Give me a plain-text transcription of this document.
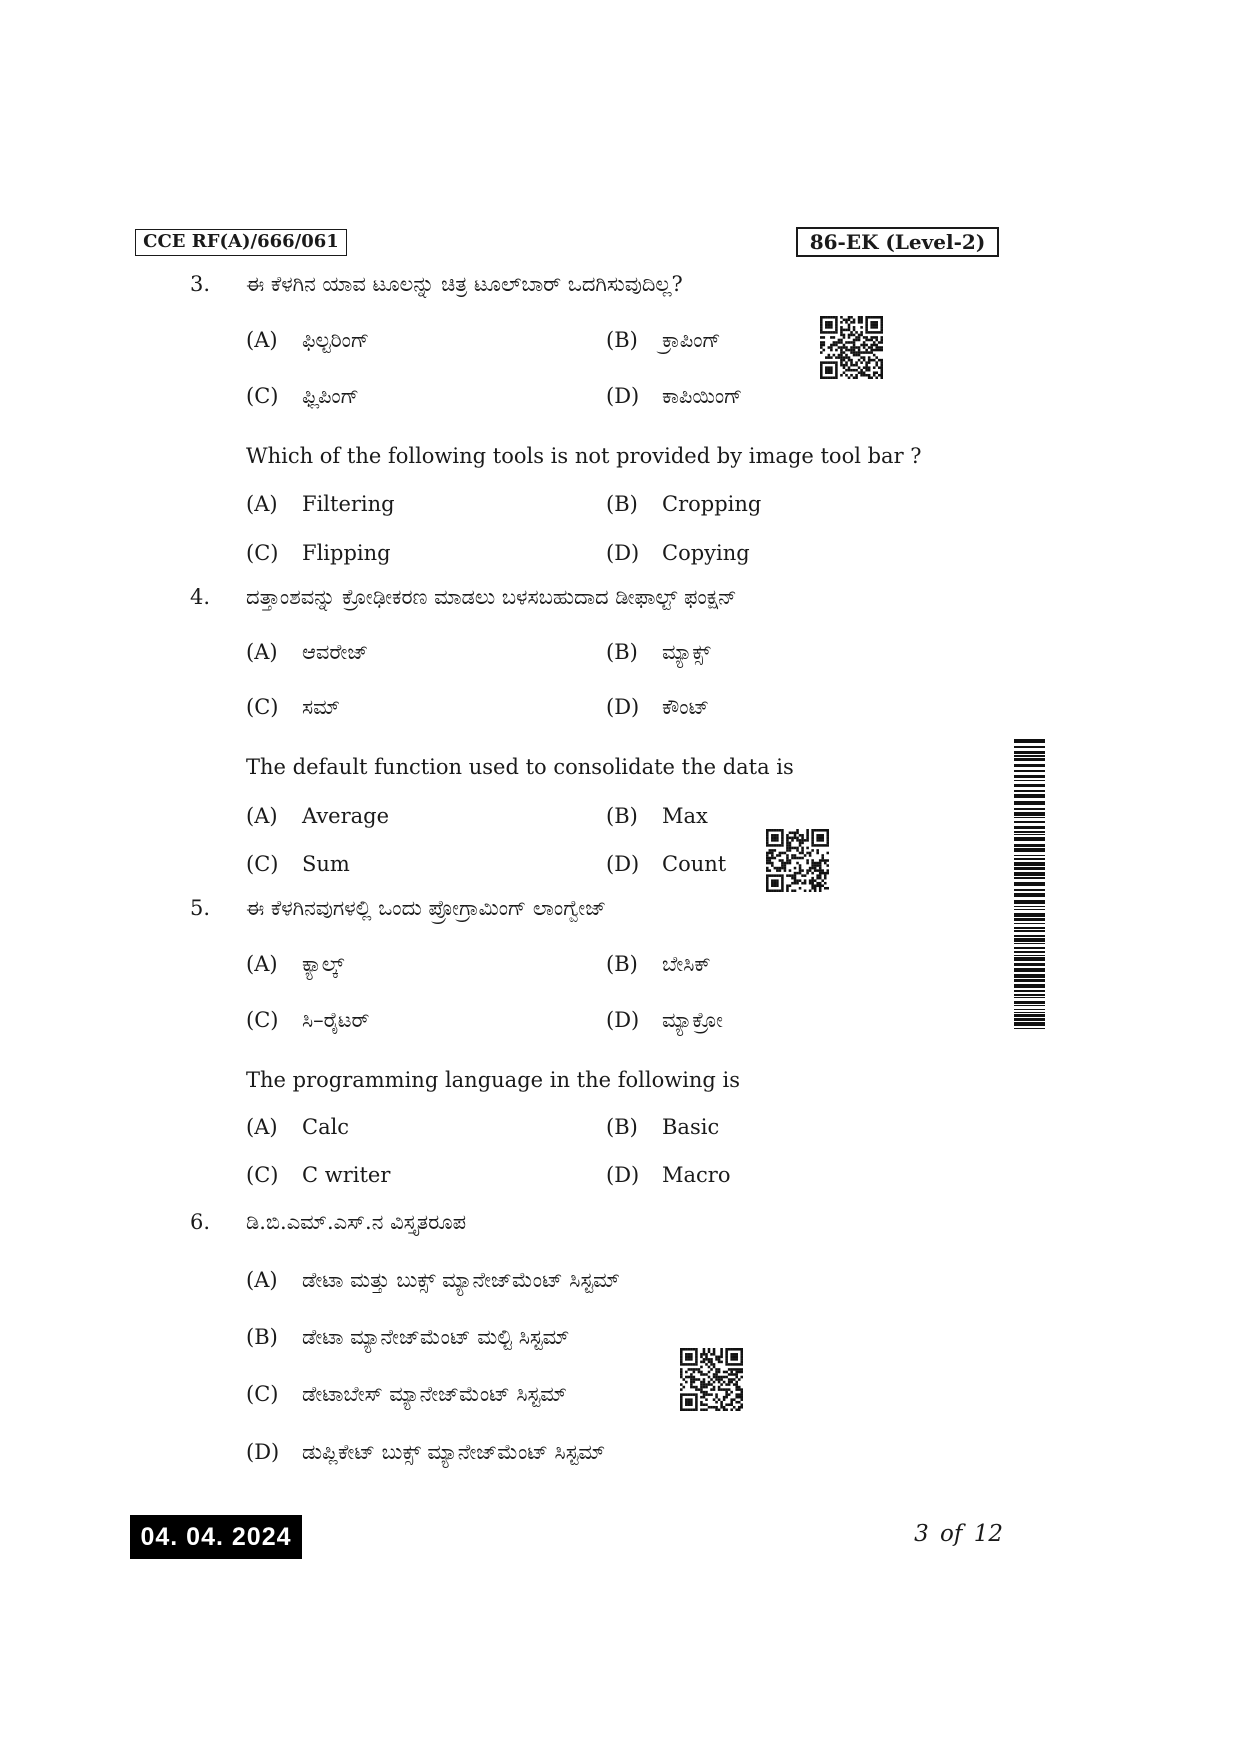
CCE RF(A)/666/061	86-EK (Level-2)
3. ಈ ಕೆಳಗಿನ ಯಾವ ಟೂಲನ್ನು ಚಿತ್ರ ಟೂಲ್‌ಬಾರ್ ಒದಗಿಸುವುದಿಲ್ಲ?
(A) ಫಿಲ್ಟರಿಂಗ್	(B) ಕ್ರಾಪಿಂಗ್
(C) ಫ್ಲಿಪಿಂಗ್	(D) ಕಾಪಿಯಿಂಗ್
Which of the following tools is not provided by image tool bar ?
(A) Filtering	(B) Cropping
(C) Flipping	(D) Copying
4. ದತ್ತಾಂಶವನ್ನು ಕ್ರೋಢೀಕರಣ ಮಾಡಲು ಬಳಸಬಹುದಾದ ಡೀಫಾಲ್ಟ್ ಫಂಕ್ಷನ್
(A) ಆವರೇಜ್	(B) ಮ್ಯಾಕ್ಸ್
(C) ಸಮ್	(D) ಕೌಂಟ್
The default function used to consolidate the data is
(A) Average	(B) Max
(C) Sum	(D) Count
5. ಈ ಕೆಳಗಿನವುಗಳಲ್ಲಿ ಒಂದು ಪ್ರೋಗ್ರಾಮಿಂಗ್ ಲಾಂಗ್ವೇಜ್
(A) ಕ್ಯಾಲ್ಕ್	(B) ಬೇಸಿಕ್
(C) ಸಿ–ರೈಟರ್	(D) ಮ್ಯಾಕ್ರೋ
The programming language in the following is
(A) Calc	(B) Basic
(C) C writer	(D) Macro
6. ಡಿ.ಬಿ.ಎಮ್.ಎಸ್.ನ ವಿಸ್ತೃತರೂಪ
(A) ಡೇಟಾ ಮತ್ತು ಬುಕ್ಸ್ ಮ್ಯಾನೇಜ್‌ಮೆಂಟ್ ಸಿಸ್ಟಮ್
(B) ಡೇಟಾ ಮ್ಯಾನೇಜ್‌ಮೆಂಟ್ ಮಲ್ಟಿ ಸಿಸ್ಟಮ್
(C) ಡೇಟಾಬೇಸ್ ಮ್ಯಾನೇಜ್‌ಮೆಂಟ್ ಸಿಸ್ಟಮ್
(D) ಡುಪ್ಲಿಕೇಟ್ ಬುಕ್ಸ್ ಮ್ಯಾನೇಜ್‌ಮೆಂಟ್ ಸಿಸ್ಟಮ್
04. 04. 2024	3 of 12
